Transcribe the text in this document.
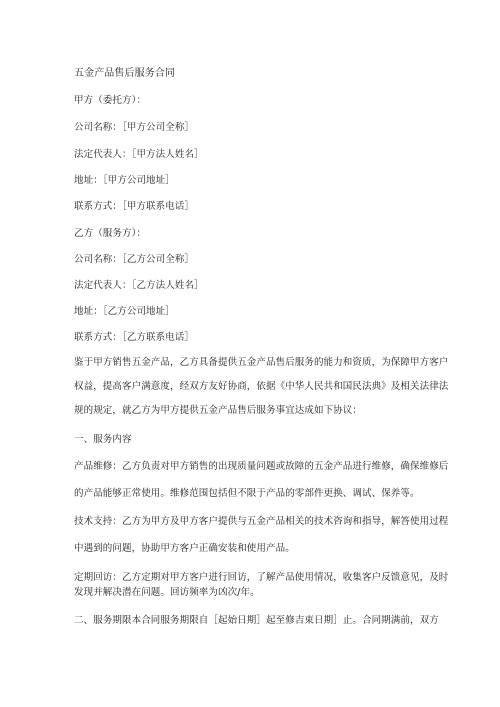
五金产品售后服务合同
甲方（委托方）：
公司名称：［甲方公司全称］
法定代表人：［甲方法人姓名］
地址：［甲方公司地址］
联系方式：［甲方联系电话］
乙方（服务方）：
公司名称：［乙方公司全称］
法定代表人：［乙方法人姓名］
地址：［乙方公司地址］
联系方式：［乙方联系电话］
鉴于甲方销售五金产品，乙方具备提供五金产品售后服务的能力和资质，为保障甲方客户
权益，提高客户满意度，经双方友好协商，依据《中华人民共和国民法典》及相关法律法
规的规定，就乙方为甲方提供五金产品售后服务事宜达成如下协议：
一、服务内容
产品维修：乙方负责对甲方销售的出现质量问题或故障的五金产品进行维修，确保维修后
的产品能够正常使用。维修范围包括但不限于产品的零部件更换、调试、保养等。
技术支持：乙方为甲方及甲方客户提供与五金产品相关的技术咨询和指导，解答使用过程
中遇到的问题，协助甲方客户正确安装和使用产品。
定期回访：乙方定期对甲方客户进行回访，了解产品使用情况，收集客户反馈意见，及时
发现并解决潜在问题。回访频率为凶次/年。
二、服务期限本合同服务期限自［起始日期］起至修吉束日期］止。合同期满前，双方
